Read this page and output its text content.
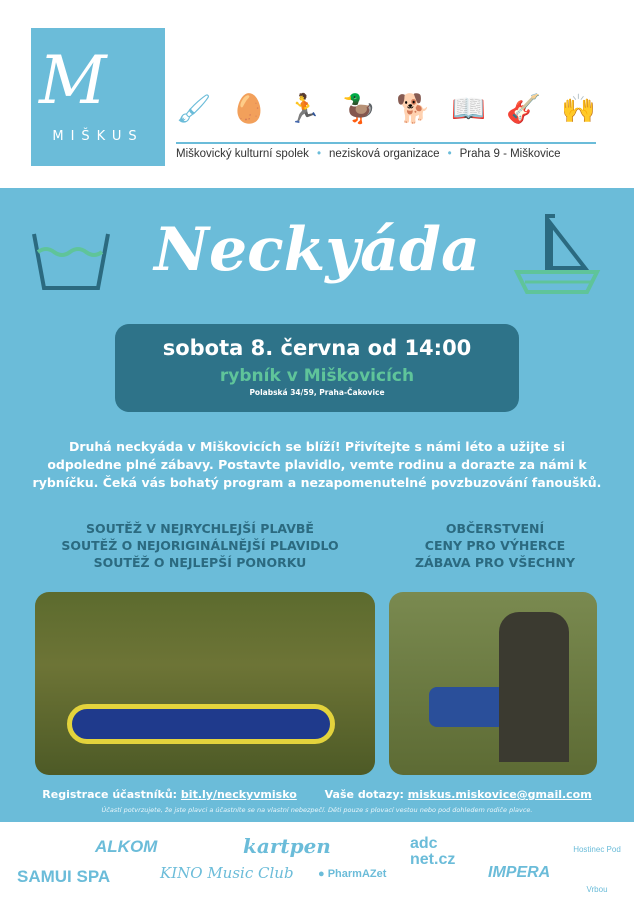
M
MIŠKUS
🖌 🥚 🏃 🦆 🐕 📖 🎸 🙌
Miškovický kulturní spolek • nezisková organizace • Praha 9 - Miškovice
Neckyáda
sobota 8. června od 14:00
rybník v Miškovicích
Polabská 34/59, Praha-Čakovice
Druhá neckyáda v Miškovicích se blíží! Přivítejte s námi léto a užijte si odpoledne plné zábavy. Postavte plavidlo, vemte rodinu a dorazte za námi k rybníčku. Čeká vás bohatý program a nezapomenutelné povzbuzování fanoušků.
SOUTĚŽ V NEJRYCHLEJŠÍ PLAVBĚ
SOUTĚŽ O NEJORIGINÁLNĚJŠÍ PLAVIDLO
SOUTĚŽ O NEJLEPŠÍ PONORKU
OBČERSTVENÍ
CENY PRO VÝHERCE
ZÁBAVA PRO VŠECHNY
Registrace účastníků: bit.ly/neckyvmisko	Vaše dotazy: miskus.miskovice@gmail.com
Účastí potvrzujete, že jste plavci a účastníte se na vlastní nebezpečí. Děti pouze s plovací vestou nebo pod dohledem rodiče plavce.
ALKOM	kartpen	adc net.cz
Hostinec Pod Vrbou
SAMUI SPA	KINO Music Club ● PharmAZet	IMPERA
